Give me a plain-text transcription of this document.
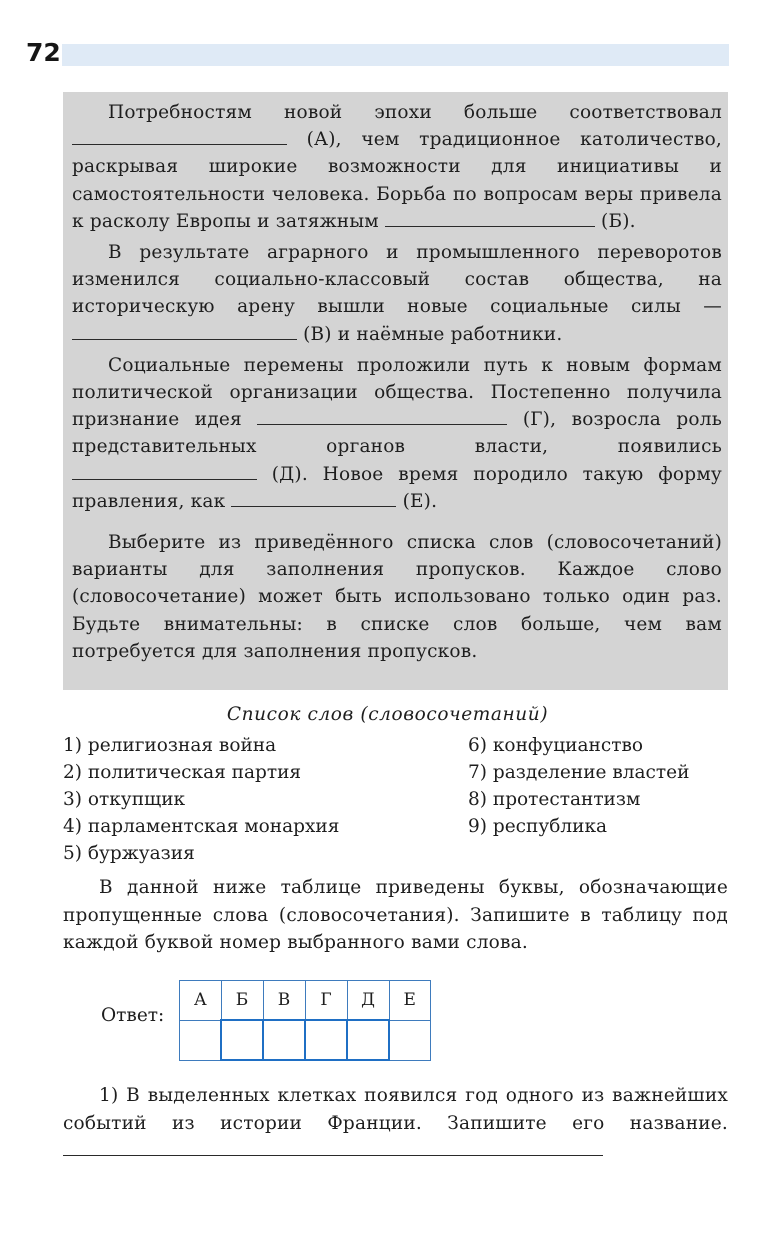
72

Потребностям новой эпохи больше соответствовал  (А), чем традиционное католичество, раскрывая широкие возможности для инициативы и самостоятельности человека. Борьба по вопросам веры привела к расколу Европы и затяжным	(Б).

В результате аграрного и промышленного переворотов изменился социально-классовый состав общества, на историческую арену вышли новые социальные силы —  (В) и наёмные работники.

Социальные перемены проложили путь к новым формам политической организации общества. Постепенно получила признание идея	(Г), возросла роль представительных органов власти, появились  (Д). Новое время породило такую форму правления, как	(Е).

Выберите из приведённого списка слов (словосочетаний) варианты для заполнения пропусков. Каждое слово (словосочетание) может быть использовано только один раз. Будьте внимательны: в списке слов больше, чем вам потребуется для заполнения пропусков.

Список слов (словосочетаний)
1) религиозная война
2) политическая партия
3) откупщик
4) парламентская монархия
5) буржуазия
6) конфуцианство
7) разделение властей
8) протестантизм
9) республика
В данной ниже таблице приведены буквы, обозначающие пропущенные слова (словосочетания). Запишите в таблицу под каждой буквой номер выбранного вами слова.
Ответ:
А	Б	В	Г	Д	Е

1) В выделенных клетках появился год одного из важнейших событий из истории Франции. Запишите его название.
